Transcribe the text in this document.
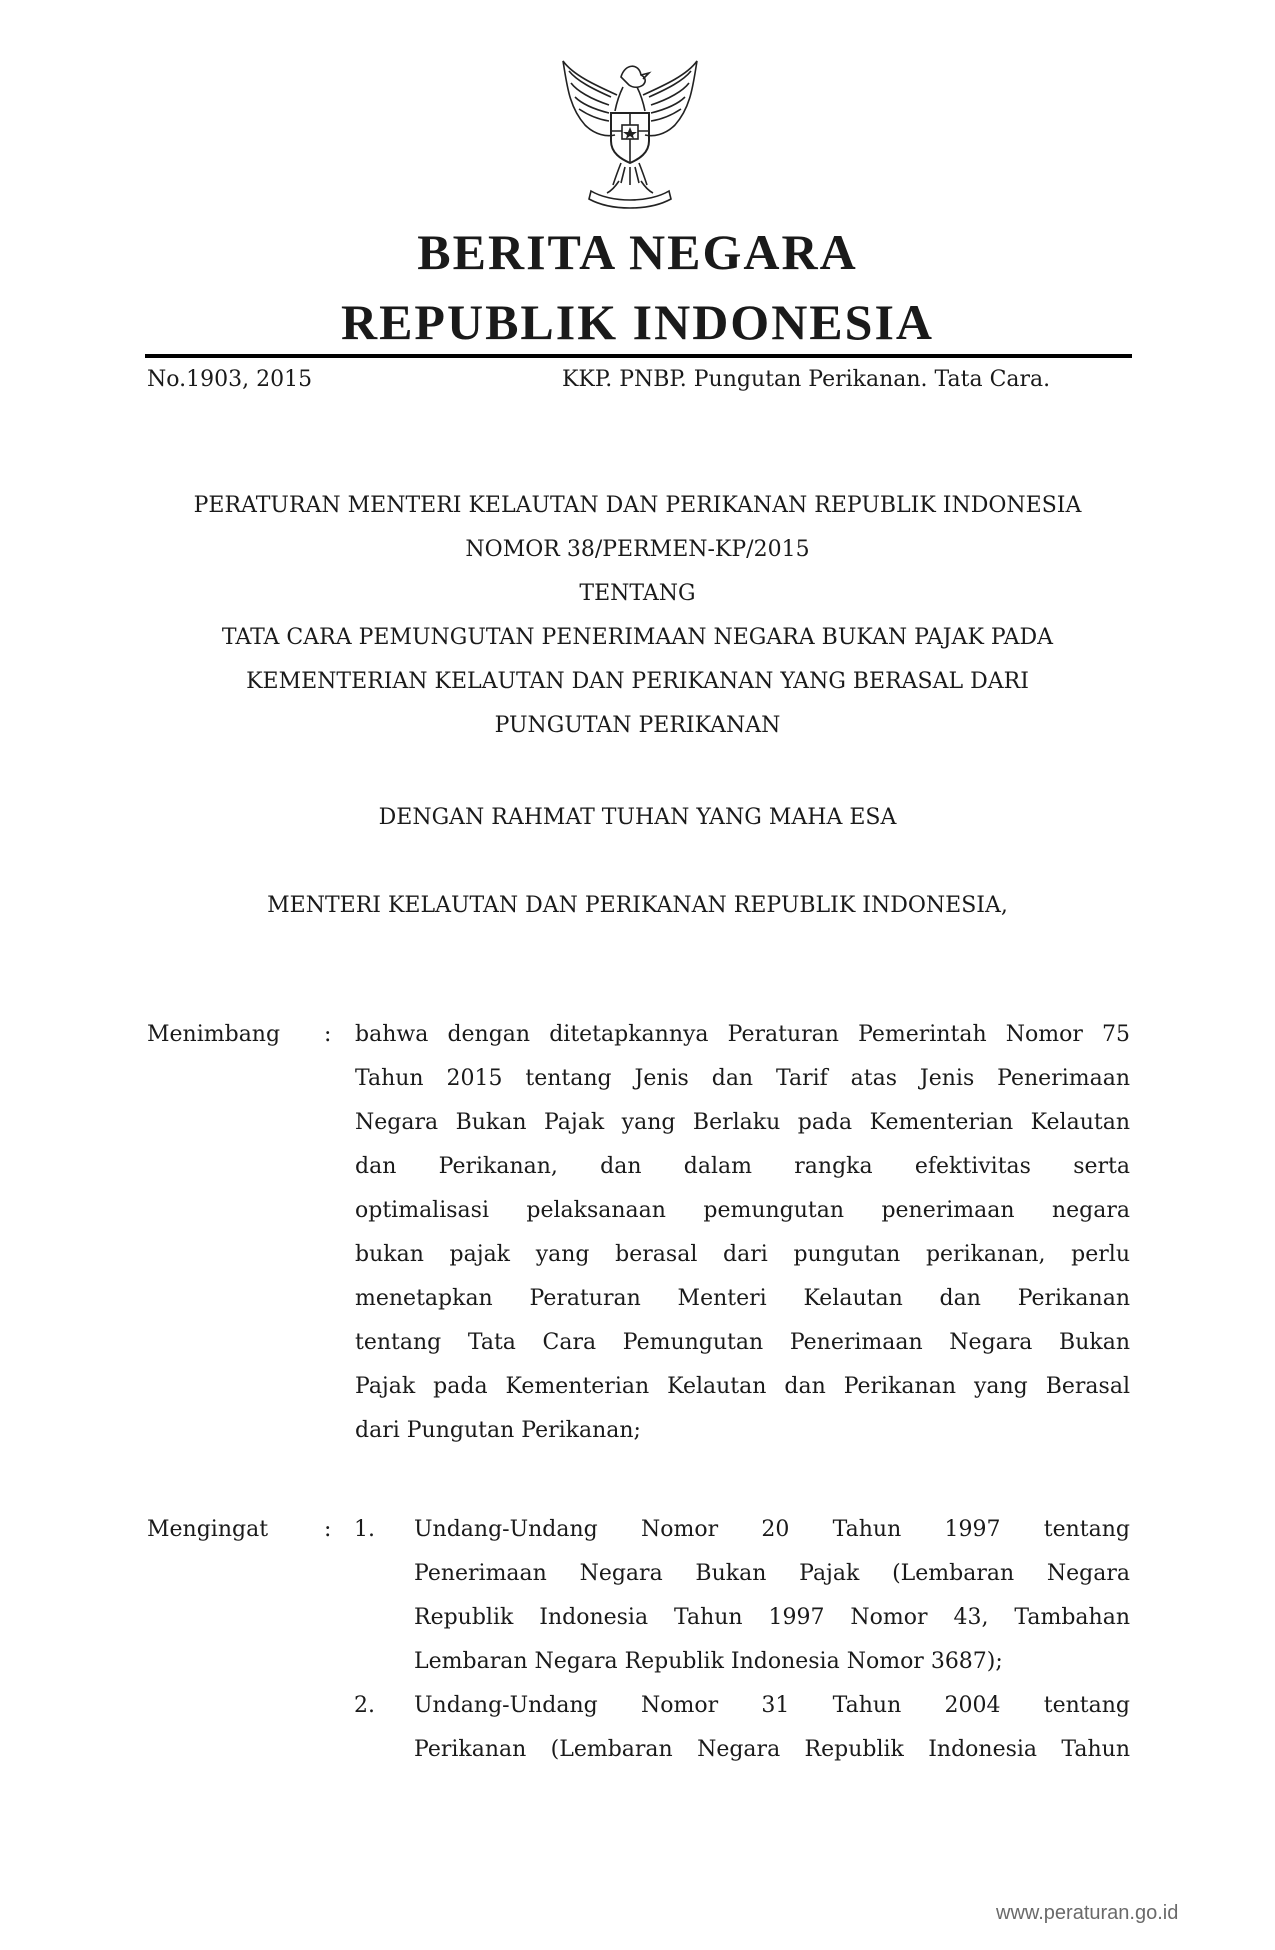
BERITA NEGARA
REPUBLIK INDONESIA
No.1903, 2015	KKP. PNBP. Pungutan Perikanan. Tata Cara.
PERATURAN MENTERI KELAUTAN DAN PERIKANAN REPUBLIK INDONESIA
NOMOR 38/PERMEN-KP/2015
TENTANG
TATA CARA PEMUNGUTAN PENERIMAAN NEGARA BUKAN PAJAK PADA
KEMENTERIAN KELAUTAN DAN PERIKANAN YANG BERASAL DARI
PUNGUTAN PERIKANAN
DENGAN RAHMAT TUHAN YANG MAHA ESA
MENTERI KELAUTAN DAN PERIKANAN REPUBLIK INDONESIA,
Menimbang : bahwa dengan ditetapkannya Peraturan Pemerintah Nomor 75
Tahun 2015 tentang Jenis dan Tarif atas Jenis Penerimaan
Negara Bukan Pajak yang Berlaku pada Kementerian Kelautan
dan Perikanan, dan dalam rangka efektivitas serta
optimalisasi pelaksanaan pemungutan penerimaan negara
bukan pajak yang berasal dari pungutan perikanan, perlu
menetapkan Peraturan Menteri Kelautan dan Perikanan
tentang Tata Cara Pemungutan Penerimaan Negara Bukan
Pajak pada Kementerian Kelautan dan Perikanan yang Berasal
dari Pungutan Perikanan;
Mengingat	: 1. Undang-Undang Nomor 20 Tahun 1997 tentang
Penerimaan Negara Bukan Pajak (Lembaran Negara
Republik Indonesia Tahun 1997 Nomor 43, Tambahan
Lembaran Negara Republik Indonesia Nomor 3687);
2. Undang-Undang Nomor 31 Tahun 2004 tentang
Perikanan (Lembaran Negara Republik Indonesia Tahun
www.peraturan.go.id
